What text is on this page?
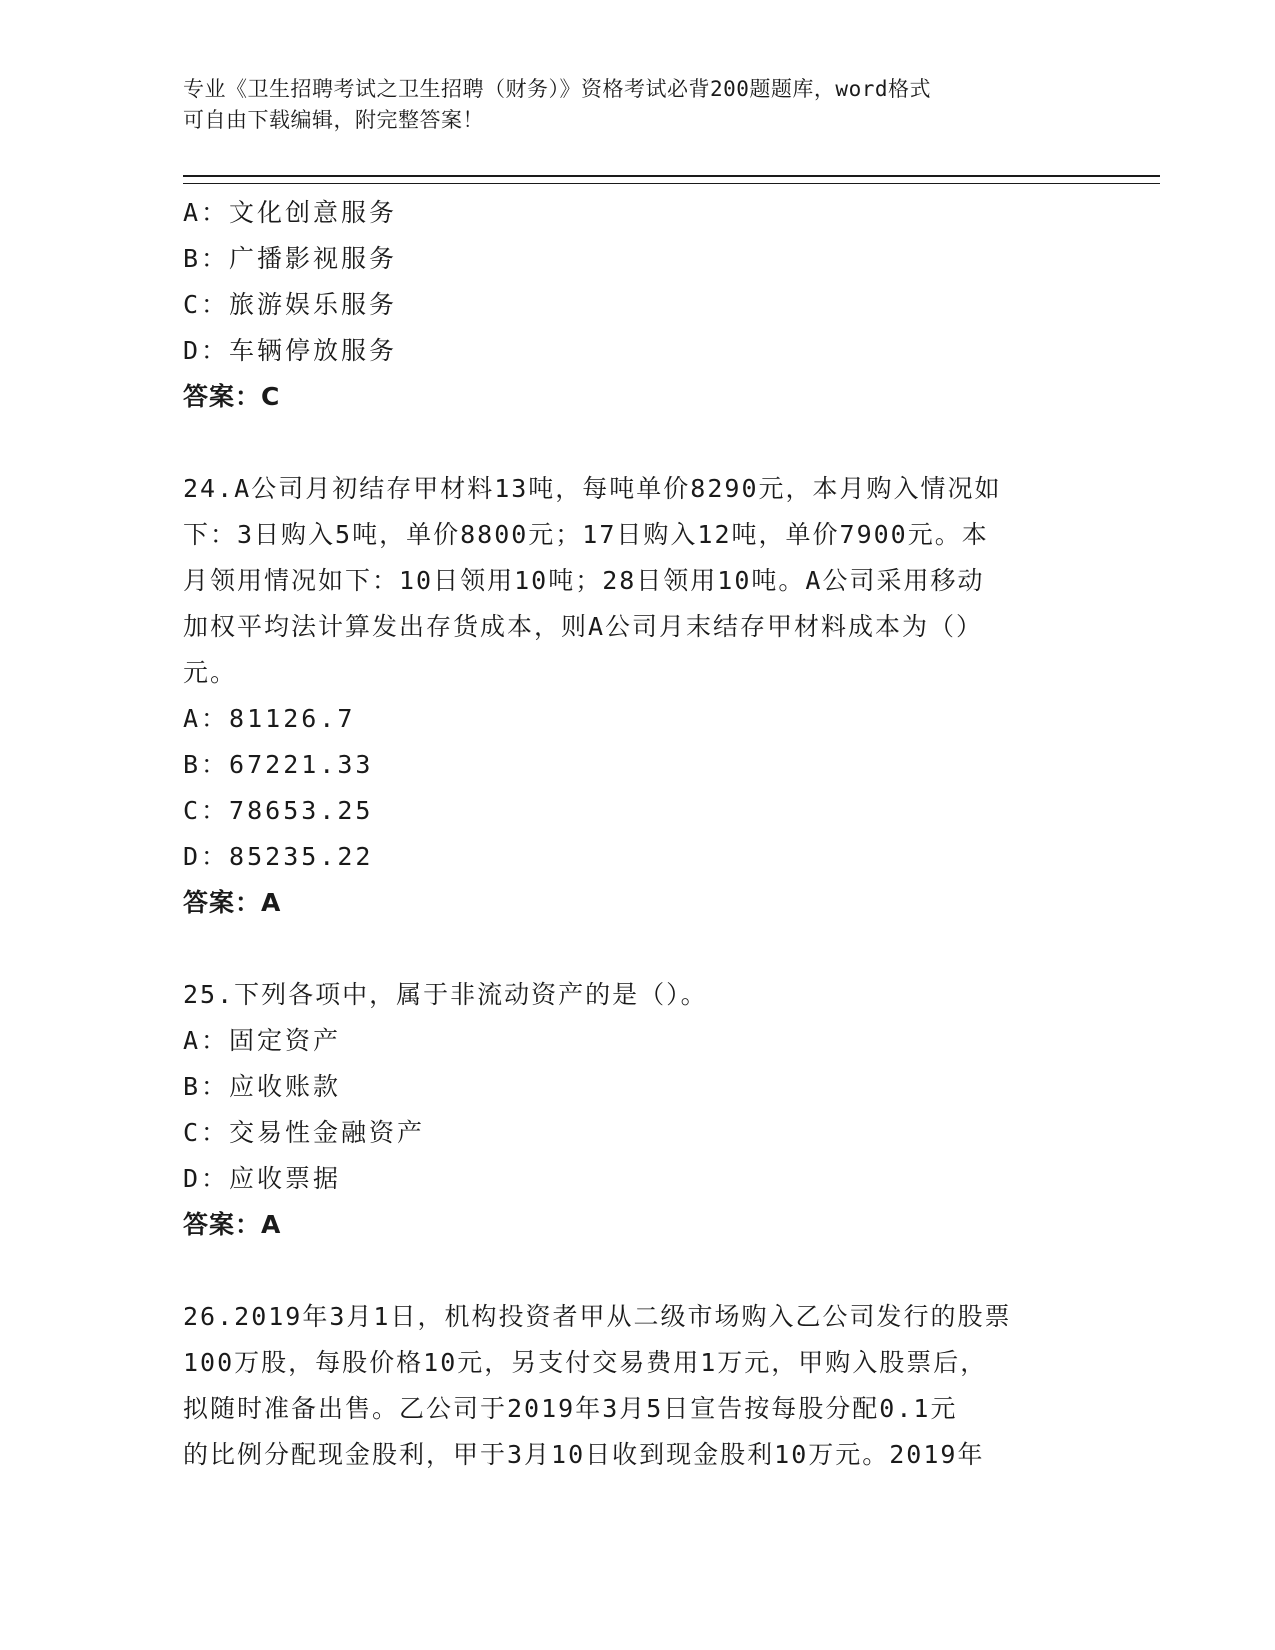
专业《卫生招聘考试之卫生招聘（财务）》资格考试必背200题题库，word格式
可自由下载编辑，附完整答案！
A：文化创意服务
B：广播影视服务
C：旅游娱乐服务
D：车辆停放服务
答案：C
24.A公司月初结存甲材料13吨，每吨单价8290元，本月购入情况如
下：3日购入5吨，单价8800元；17日购入12吨，单价7900元。本
月领用情况如下：10日领用10吨；28日领用10吨。A公司采用移动
加权平均法计算发出存货成本，则A公司月末结存甲材料成本为（）
元。
A：81126.7
B：67221.33
C：78653.25
D：85235.22
答案：A
25.下列各项中，属于非流动资产的是（）。
A：固定资产
B：应收账款
C：交易性金融资产
D：应收票据
答案：A
26.2019年3月1日，机构投资者甲从二级市场购入乙公司发行的股票
100万股，每股价格10元，另支付交易费用1万元，甲购入股票后，
拟随时准备出售。乙公司于2019年3月5日宣告按每股分配0.1元
的比例分配现金股利，甲于3月10日收到现金股利10万元。2019年
